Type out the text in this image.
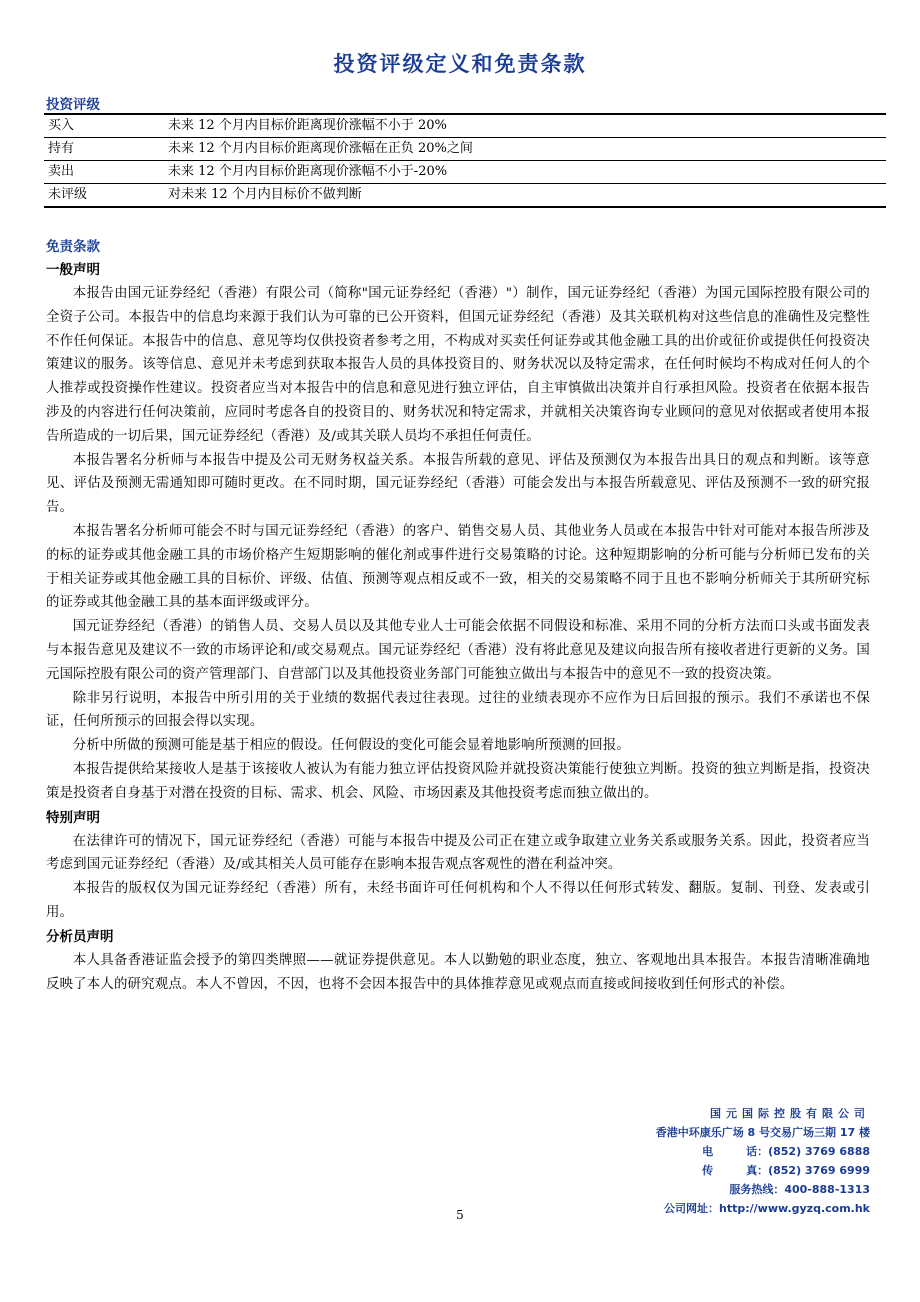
投资评级定义和免责条款
投资评级
买入	未来 12 个月内目标价距离现价涨幅不小于 20%
持有	未来 12 个月内目标价距离现价涨幅在正负 20%之间
卖出	未来 12 个月内目标价距离现价涨幅不小于-20%
未评级	对未来 12 个月内目标价不做判断
免责条款
一般声明

本报告由国元证券经纪（香港）有限公司（简称"国元证券经纪（香港）"）制作，国元证券经纪（香港）为国元国际控股有限公司的全资子公司。本报告中的信息均来源于我们认为可靠的已公开资料，但国元证券经纪（香港）及其关联机构对这些信息的准确性及完整性不作任何保证。本报告中的信息、意见等均仅供投资者参考之用，不构成对买卖任何证券或其他金融工具的出价或征价或提供任何投资决策建议的服务。该等信息、意见并未考虑到获取本报告人员的具体投资目的、财务状况以及特定需求，在任何时候均不构成对任何人的个人推荐或投资操作性建议。投资者应当对本报告中的信息和意见进行独立评估，自主审慎做出决策并自行承担风险。投资者在依据本报告涉及的内容进行任何决策前，应同时考虑各自的投资目的、财务状况和特定需求，并就相关决策咨询专业顾问的意见对依据或者使用本报告所造成的一切后果，国元证券经纪（香港）及/或其关联人员均不承担任何责任。

本报告署名分析师与本报告中提及公司无财务权益关系。本报告所载的意见、评估及预测仅为本报告出具日的观点和判断。该等意见、评估及预测无需通知即可随时更改。在不同时期，国元证券经纪（香港）可能会发出与本报告所载意见、评估及预测不一致的研究报告。

本报告署名分析师可能会不时与国元证券经纪（香港）的客户、销售交易人员、其他业务人员或在本报告中针对可能对本报告所涉及的标的证券或其他金融工具的市场价格产生短期影响的催化剂或事件进行交易策略的讨论。这种短期影响的分析可能与分析师已发布的关于相关证券或其他金融工具的目标价、评级、估值、预测等观点相反或不一致，相关的交易策略不同于且也不影响分析师关于其所研究标的证券或其他金融工具的基本面评级或评分。

国元证券经纪（香港）的销售人员、交易人员以及其他专业人士可能会依据不同假设和标准、采用不同的分析方法而口头或书面发表与本报告意见及建议不一致的市场评论和/或交易观点。国元证券经纪（香港）没有将此意见及建议向报告所有接收者进行更新的义务。国元国际控股有限公司的资产管理部门、自营部门以及其他投资业务部门可能独立做出与本报告中的意见不一致的投资决策。

除非另行说明，本报告中所引用的关于业绩的数据代表过往表现。过往的业绩表现亦不应作为日后回报的预示。我们不承诺也不保证，任何所预示的回报会得以实现。

分析中所做的预测可能是基于相应的假设。任何假设的变化可能会显着地影响所预测的回报。

本报告提供给某接收人是基于该接收人被认为有能力独立评估投资风险并就投资决策能行使独立判断。投资的独立判断是指，投资决策是投资者自身基于对潜在投资的目标、需求、机会、风险、市场因素及其他投资考虑而独立做出的。

特别声明

在法律许可的情况下，国元证券经纪（香港）可能与本报告中提及公司正在建立或争取建立业务关系或服务关系。因此，投资者应当考虑到国元证券经纪（香港）及/或其相关人员可能存在影响本报告观点客观性的潜在利益冲突。

本报告的版权仅为国元证券经纪（香港）所有，未经书面许可任何机构和个人不得以任何形式转发、翻版。复制、刊登、发表或引用。

分析员声明

本人具备香港证监会授予的第四类牌照——就证券提供意见。本人以勤勉的职业态度，独立、客观地出具本报告。本报告清晰准确地反映了本人的研究观点。本人不曾因，不因，也将不会因本报告中的具体推荐意见或观点而直接或间接收到任何形式的补偿。

国元国际控股有限公司
香港中环康乐广场 8 号交易广场三期 17 楼
电　　　话：(852) 3769 6888
传　　　真：(852) 3769 6999
服务热线：400-888-1313
公司网址：http://www.gyzq.com.hk
5
